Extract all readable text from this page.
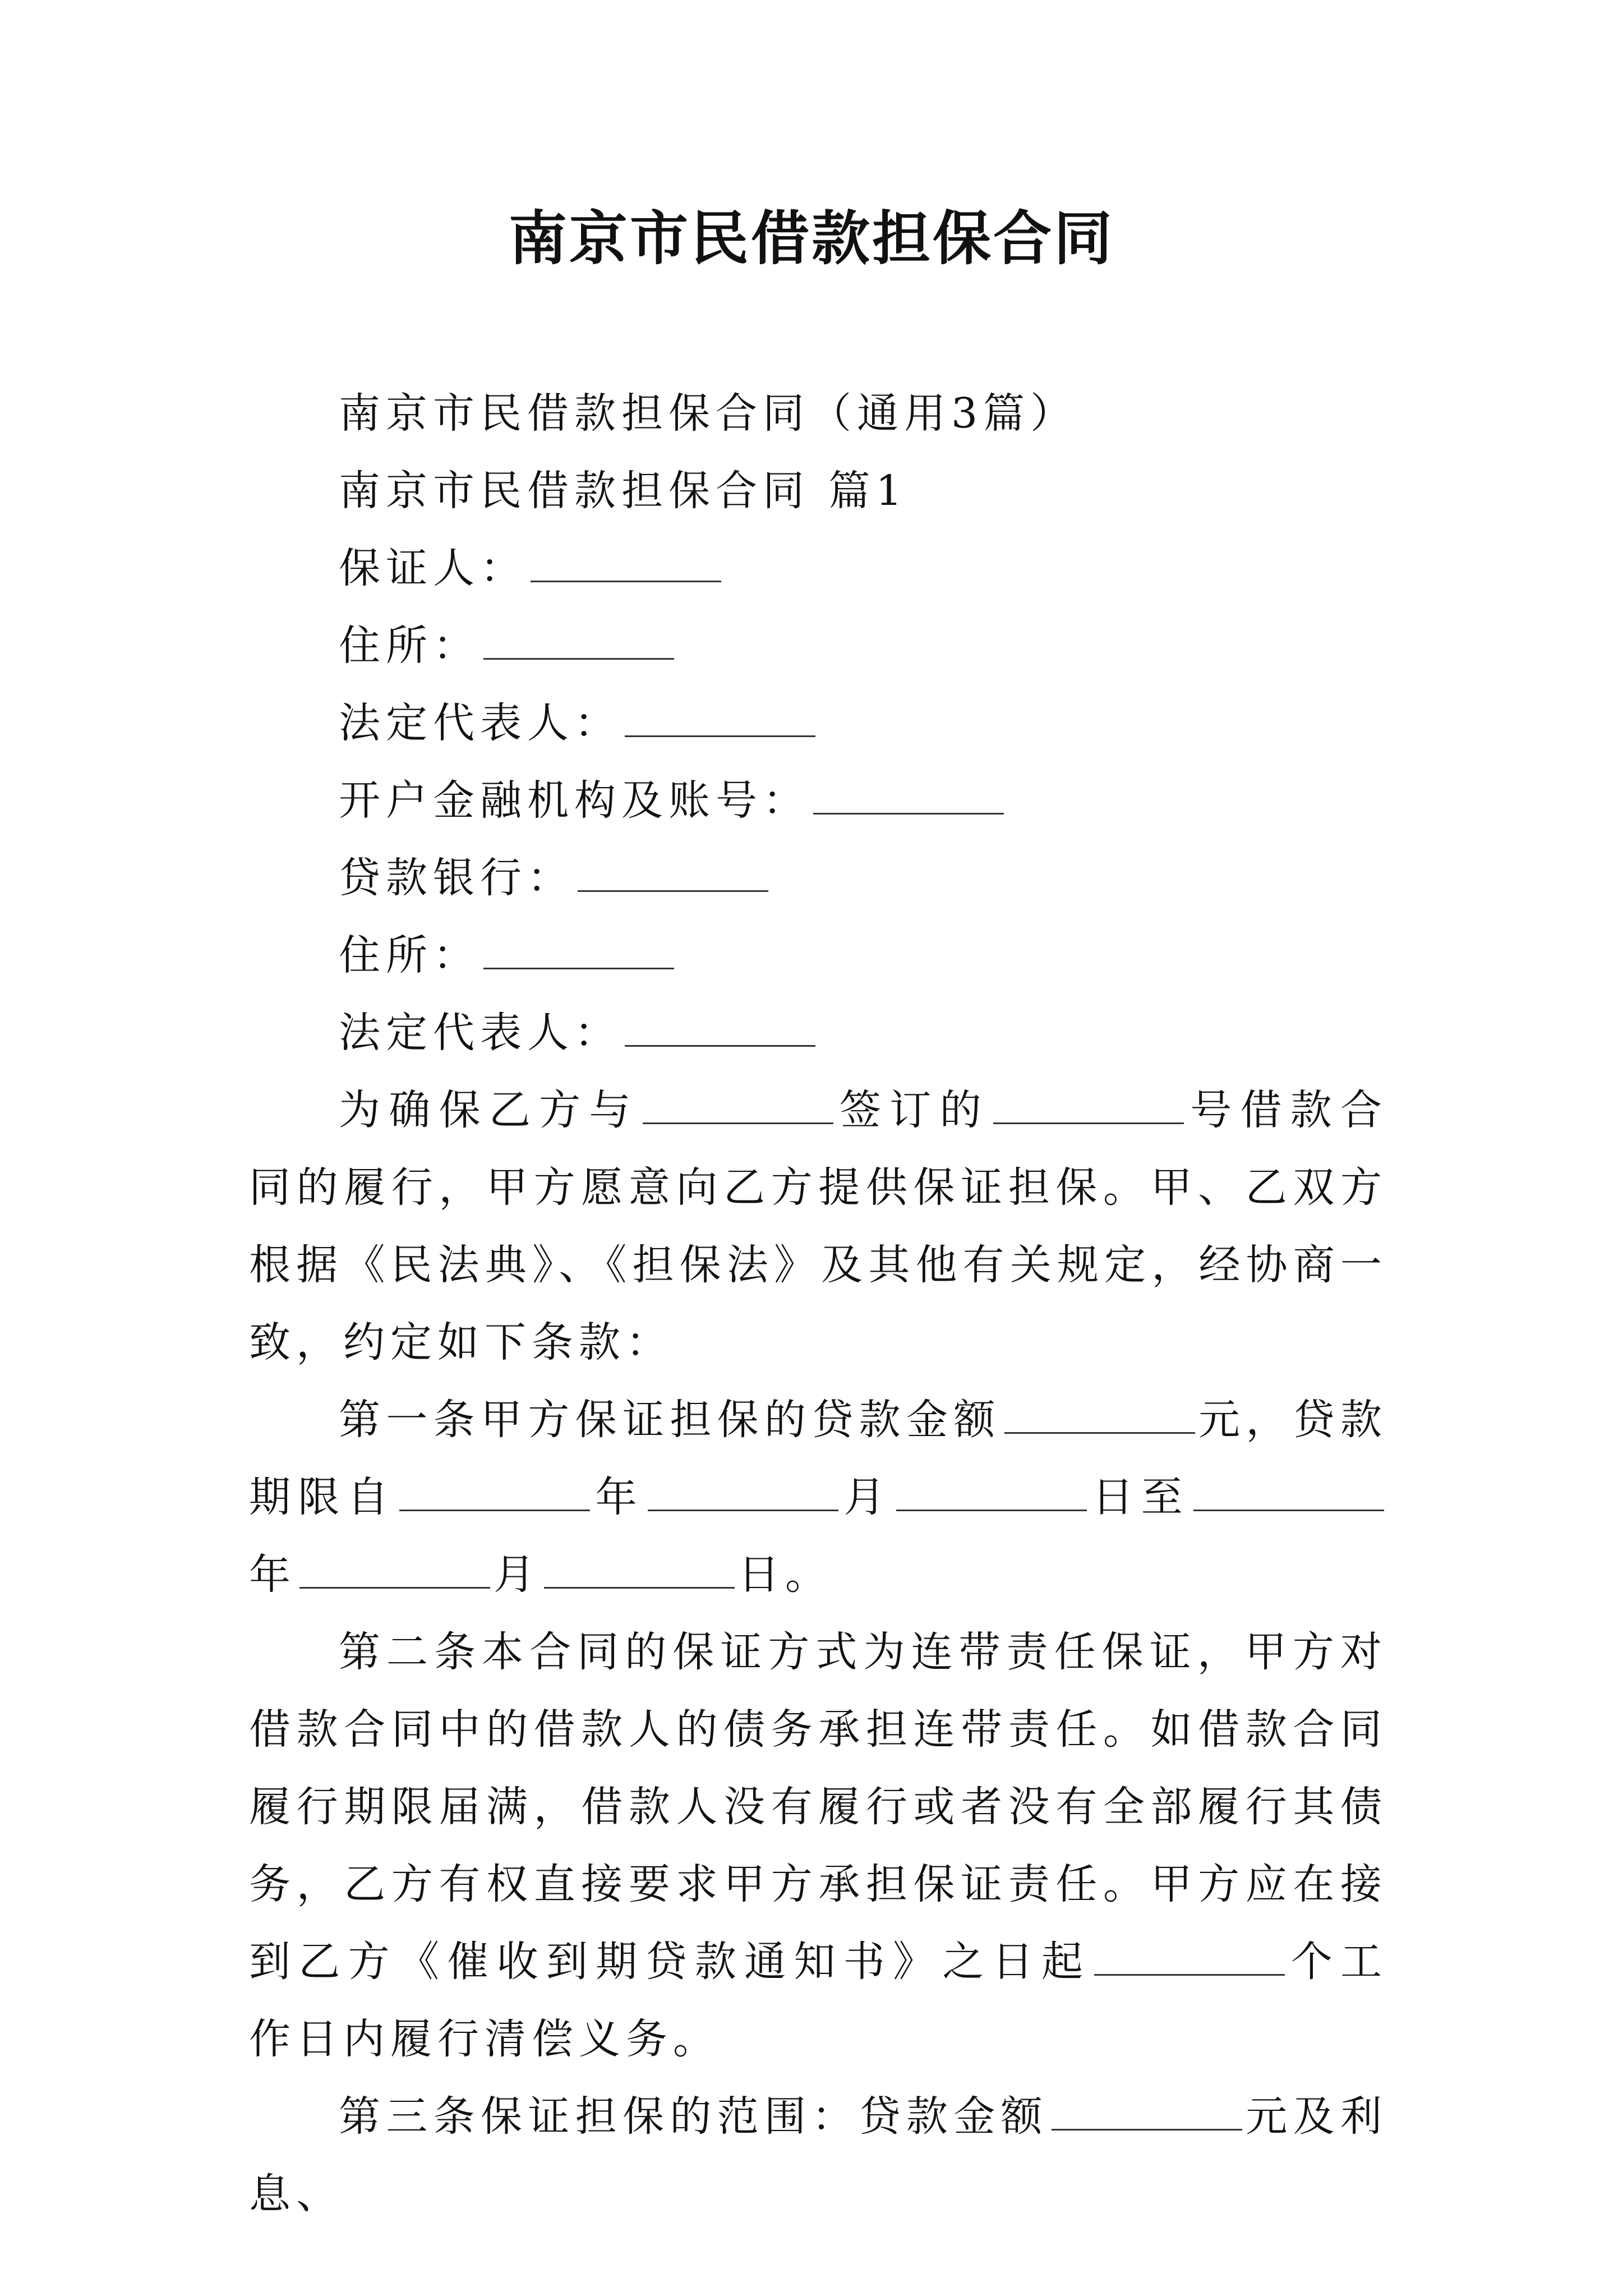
南京市民借款担保合同

南京市民借款担保合同（通用3篇）

南京市民借款担保合同 篇1

保证人：

住所：

法定代表人：

开户金融机构及账号：

贷款银行：

住所：

法定代表人：

为确保乙方与	签订的	号借款合同的履行，甲方愿意向乙方提供保证担保。甲、乙双方根据《民法典》、《担保法》及其他有关规定，经协商一致，约定如下条款：

第一条甲方保证担保的贷款金额	元，贷款期限自	年	月	日至年	月	日。

第二条本合同的保证方式为连带责任保证，甲方对借款合同中的借款人的债务承担连带责任。如借款合同履行期限届满，借款人没有履行或者没有全部履行其债务，乙方有权直接要求甲方承担保证责任。甲方应在接到乙方《催收到期贷款通知书》之日起	个工作日内履行清偿义务。

第三条保证担保的范围：贷款金额	元及利息、
